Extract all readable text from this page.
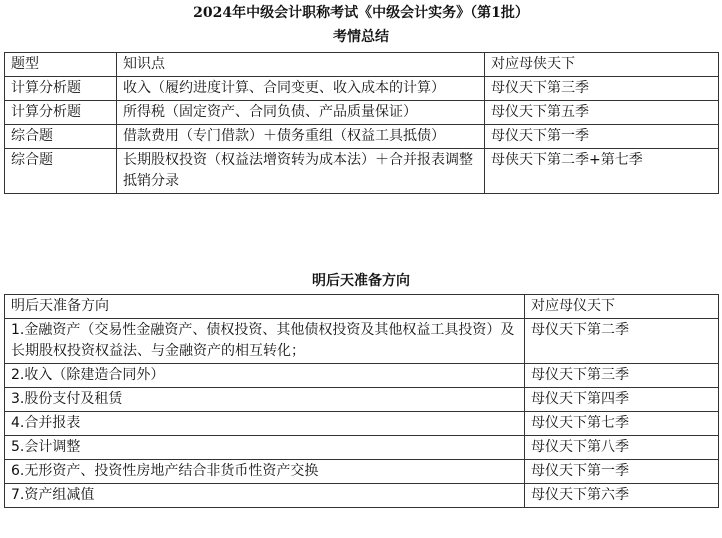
2024年中级会计职称考试《中级会计实务》（第1批）
考情总结
题型	知识点	对应母侠天下
计算分析题	收入（履约进度计算、合同变更、收入成本的计算）	母仪天下第三季
计算分析题	所得税（固定资产、合同负债、产品质量保证）	母仪天下第五季
综合题	借款费用（专门借款）＋债务重组（权益工具抵债）	母仪天下第一季
综合题	长期股权投资（权益法增资转为成本法）＋合并报表调整抵销分录	母侠天下第二季+第七季
明后天准备方向
明后天准备方向	对应母仪天下
1.金融资产（交易性金融资产、债权投资、其他债权投资及其他权益工具投资）及长期股权投资权益法、与金融资产的相互转化；	母仪天下第二季
2.收入（除建造合同外）	母仪天下第三季
3.股份支付及租赁	母仪天下第四季
4.合并报表	母仪天下第七季
5.会计调整	母仪天下第八季
6.无形资产、投资性房地产结合非货币性资产交换	母仪天下第一季
7.资产组减值	母仪天下第六季
